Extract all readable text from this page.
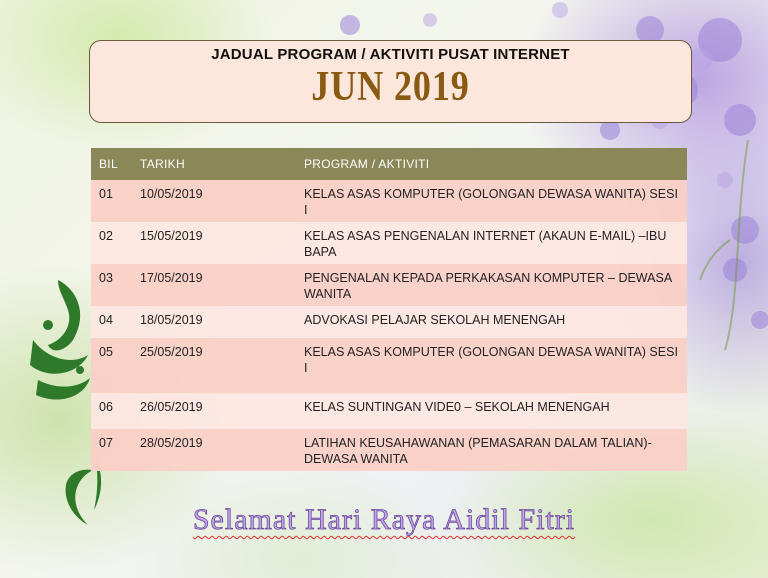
JADUAL PROGRAM / AKTIVITI PUSAT INTERNET
JUN 2019
BIL	TARIKH	PROGRAM / AKTIVITI
01	10/05/2019	KELAS ASAS KOMPUTER (GOLONGAN DEWASA WANITA) SESI I
02	15/05/2019	KELAS ASAS PENGENALAN INTERNET (AKAUN E-MAIL) –IBU BAPA
03	17/05/2019	PENGENALAN KEPADA PERKAKASAN KOMPUTER – DEWASA WANITA
04	18/05/2019	ADVOKASI PELAJAR SEKOLAH MENENGAH
05	25/05/2019	KELAS ASAS KOMPUTER (GOLONGAN DEWASA WANITA) SESI I
06	26/05/2019	KELAS SUNTINGAN VIDE0 – SEKOLAH MENENGAH
07	28/05/2019	LATIHAN KEUSAHAWANAN (PEMASARAN DALAM TALIAN)- DEWASA WANITA
Selamat Hari Raya Aidil Fitri
